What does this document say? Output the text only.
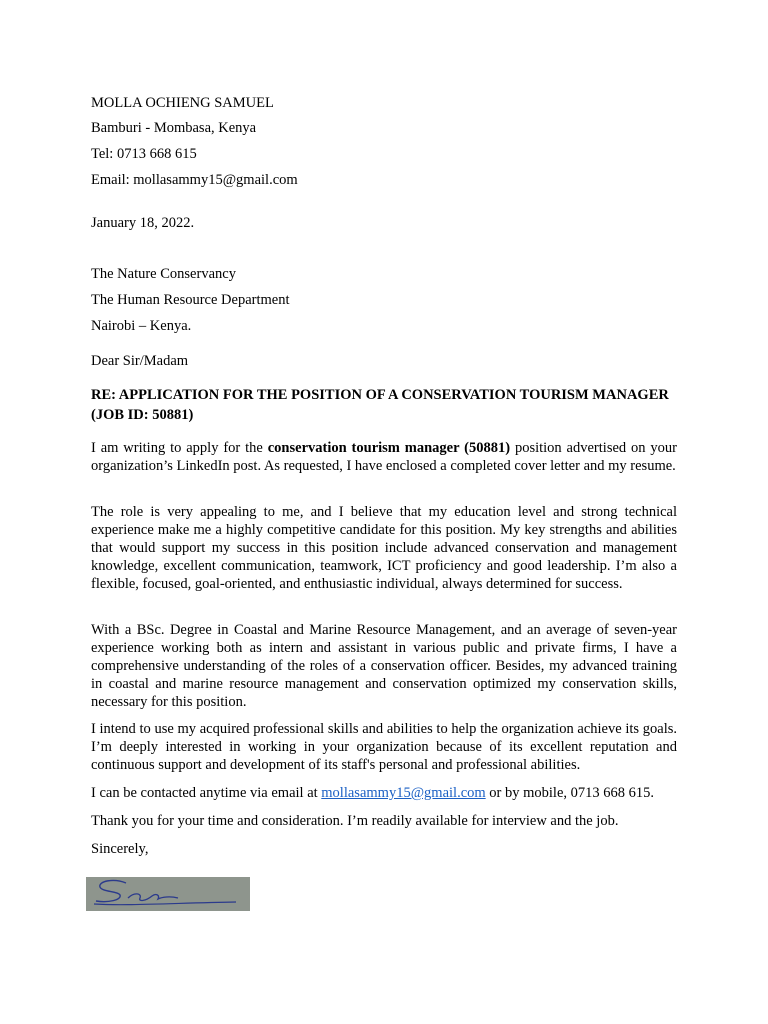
MOLLA OCHIENG SAMUEL
Bamburi - Mombasa, Kenya
Tel: 0713 668 615
Email: mollasammy15@gmail.com
January 18, 2022.
The Nature Conservancy
The Human Resource Department
Nairobi – Kenya.
Dear Sir/Madam
RE: APPLICATION FOR THE POSITION OF A CONSERVATION TOURISM MANAGER (JOB ID: 50881)
I am writing to apply for the conservation tourism manager (50881) position advertised on your organization’s LinkedIn post. As requested, I have enclosed a completed cover letter and my resume.
The role is very appealing to me, and I believe that my education level and strong technical experience make me a highly competitive candidate for this position. My key strengths and abilities that would support my success in this position include advanced conservation and management knowledge, excellent communication, teamwork, ICT proficiency and good leadership. I’m also a flexible, focused, goal-oriented, and enthusiastic individual, always determined for success.
With a BSc. Degree in Coastal and Marine Resource Management, and an average of seven-year experience working both as intern and assistant in various public and private firms, I have a comprehensive understanding of the roles of a conservation officer. Besides, my advanced training in coastal and marine resource management and conservation optimized my conservation skills, necessary for this position.
I intend to use my acquired professional skills and abilities to help the organization achieve its goals. I’m deeply interested in working in your organization because of its excellent reputation and continuous support and development of its staff's personal and professional abilities.
I can be contacted anytime via email at mollasammy15@gmail.com or by mobile, 0713 668 615.
Thank you for your time and consideration. I’m readily available for interview and the job.
Sincerely,
